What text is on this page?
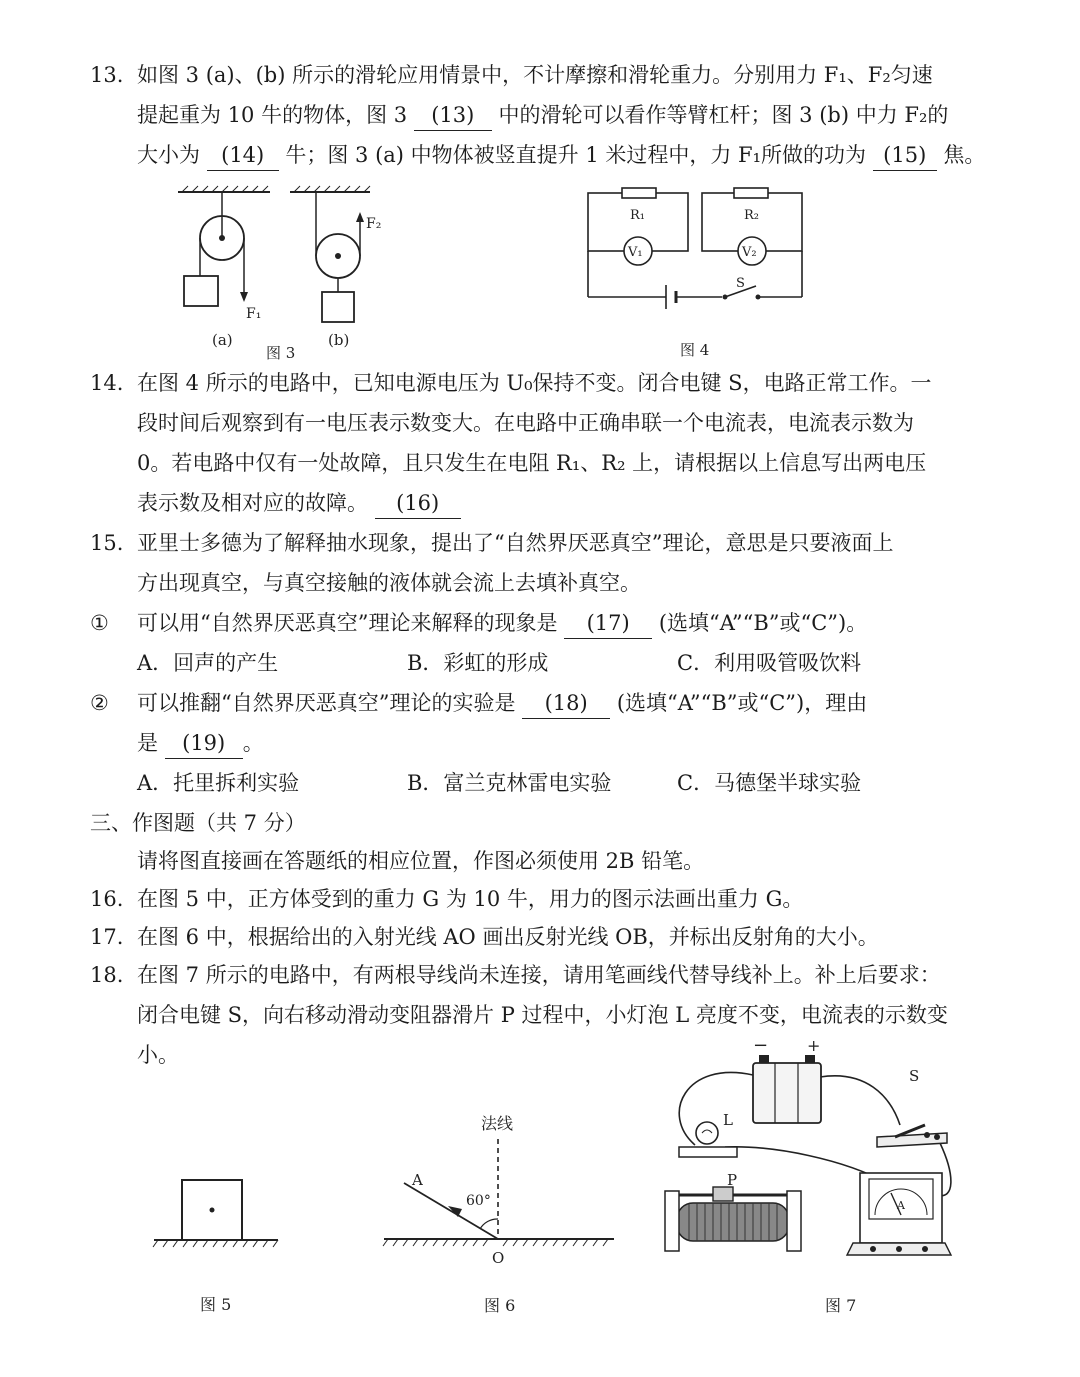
13. 如图 3 (a)、(b) 所示的滑轮应用情景中，不计摩擦和滑轮重力。分别用力 F₁、F₂匀速
提起重为 10 牛的物体，图 3 (13) 中的滑轮可以看作等臂杠杆；图 3 (b) 中力 F₂的
大小为 (14) 牛；图 3 (a) 中物体被竖直提升 1 米过程中，力 F₁所做的功为 (15) 焦。
F₁
(a)
F₂
(b)
图 3
R₁
V₁
R₂
V₂
S
图 4
14. 在图 4 所示的电路中，已知电源电压为 U₀保持不变。闭合电键 S，电路正常工作。一
段时间后观察到有一电压表示数变大。在电路中正确串联一个电流表，电流表示数为
0。若电路中仅有一处故障，且只发生在电阻 R₁、R₂ 上，请根据以上信息写出两电压
表示数及相对应的故障。 (16)
15. 亚里士多德为了解释抽水现象，提出了“自然界厌恶真空”理论，意思是只要液面上
方出现真空，与真空接触的液体就会流上去填补真空。
① 可以用“自然界厌恶真空”理论来解释的现象是 (17) (选填“A”“B”或“C”)。
A．回声的产生	B．彩虹的形成	C．利用吸管吸饮料
② 可以推翻“自然界厌恶真空”理论的实验是 (18) (选填“A”“B”或“C”)，理由
是 (19) 。
A．托里拆利实验	B．富兰克林雷电实验	C．马德堡半球实验
三、作图题（共 7 分）
请将图直接画在答题纸的相应位置，作图必须使用 2B 铅笔。
16. 在图 5 中，正方体受到的重力 G 为 10 牛，用力的图示法画出重力 G。
17. 在图 6 中，根据给出的入射光线 AO 画出反射光线 OB，并标出反射角的大小。
18. 在图 7 所示的电路中，有两根导线尚未连接，请用笔画线代替导线补上。补上后要求：
闭合电键 S，向右移动滑动变阻器滑片 P 过程中，小灯泡 L 亮度不变，电流表的示数变
小。
图 5
法线
A
60°
O
图 6
− +
L
S
A
P
图 7
